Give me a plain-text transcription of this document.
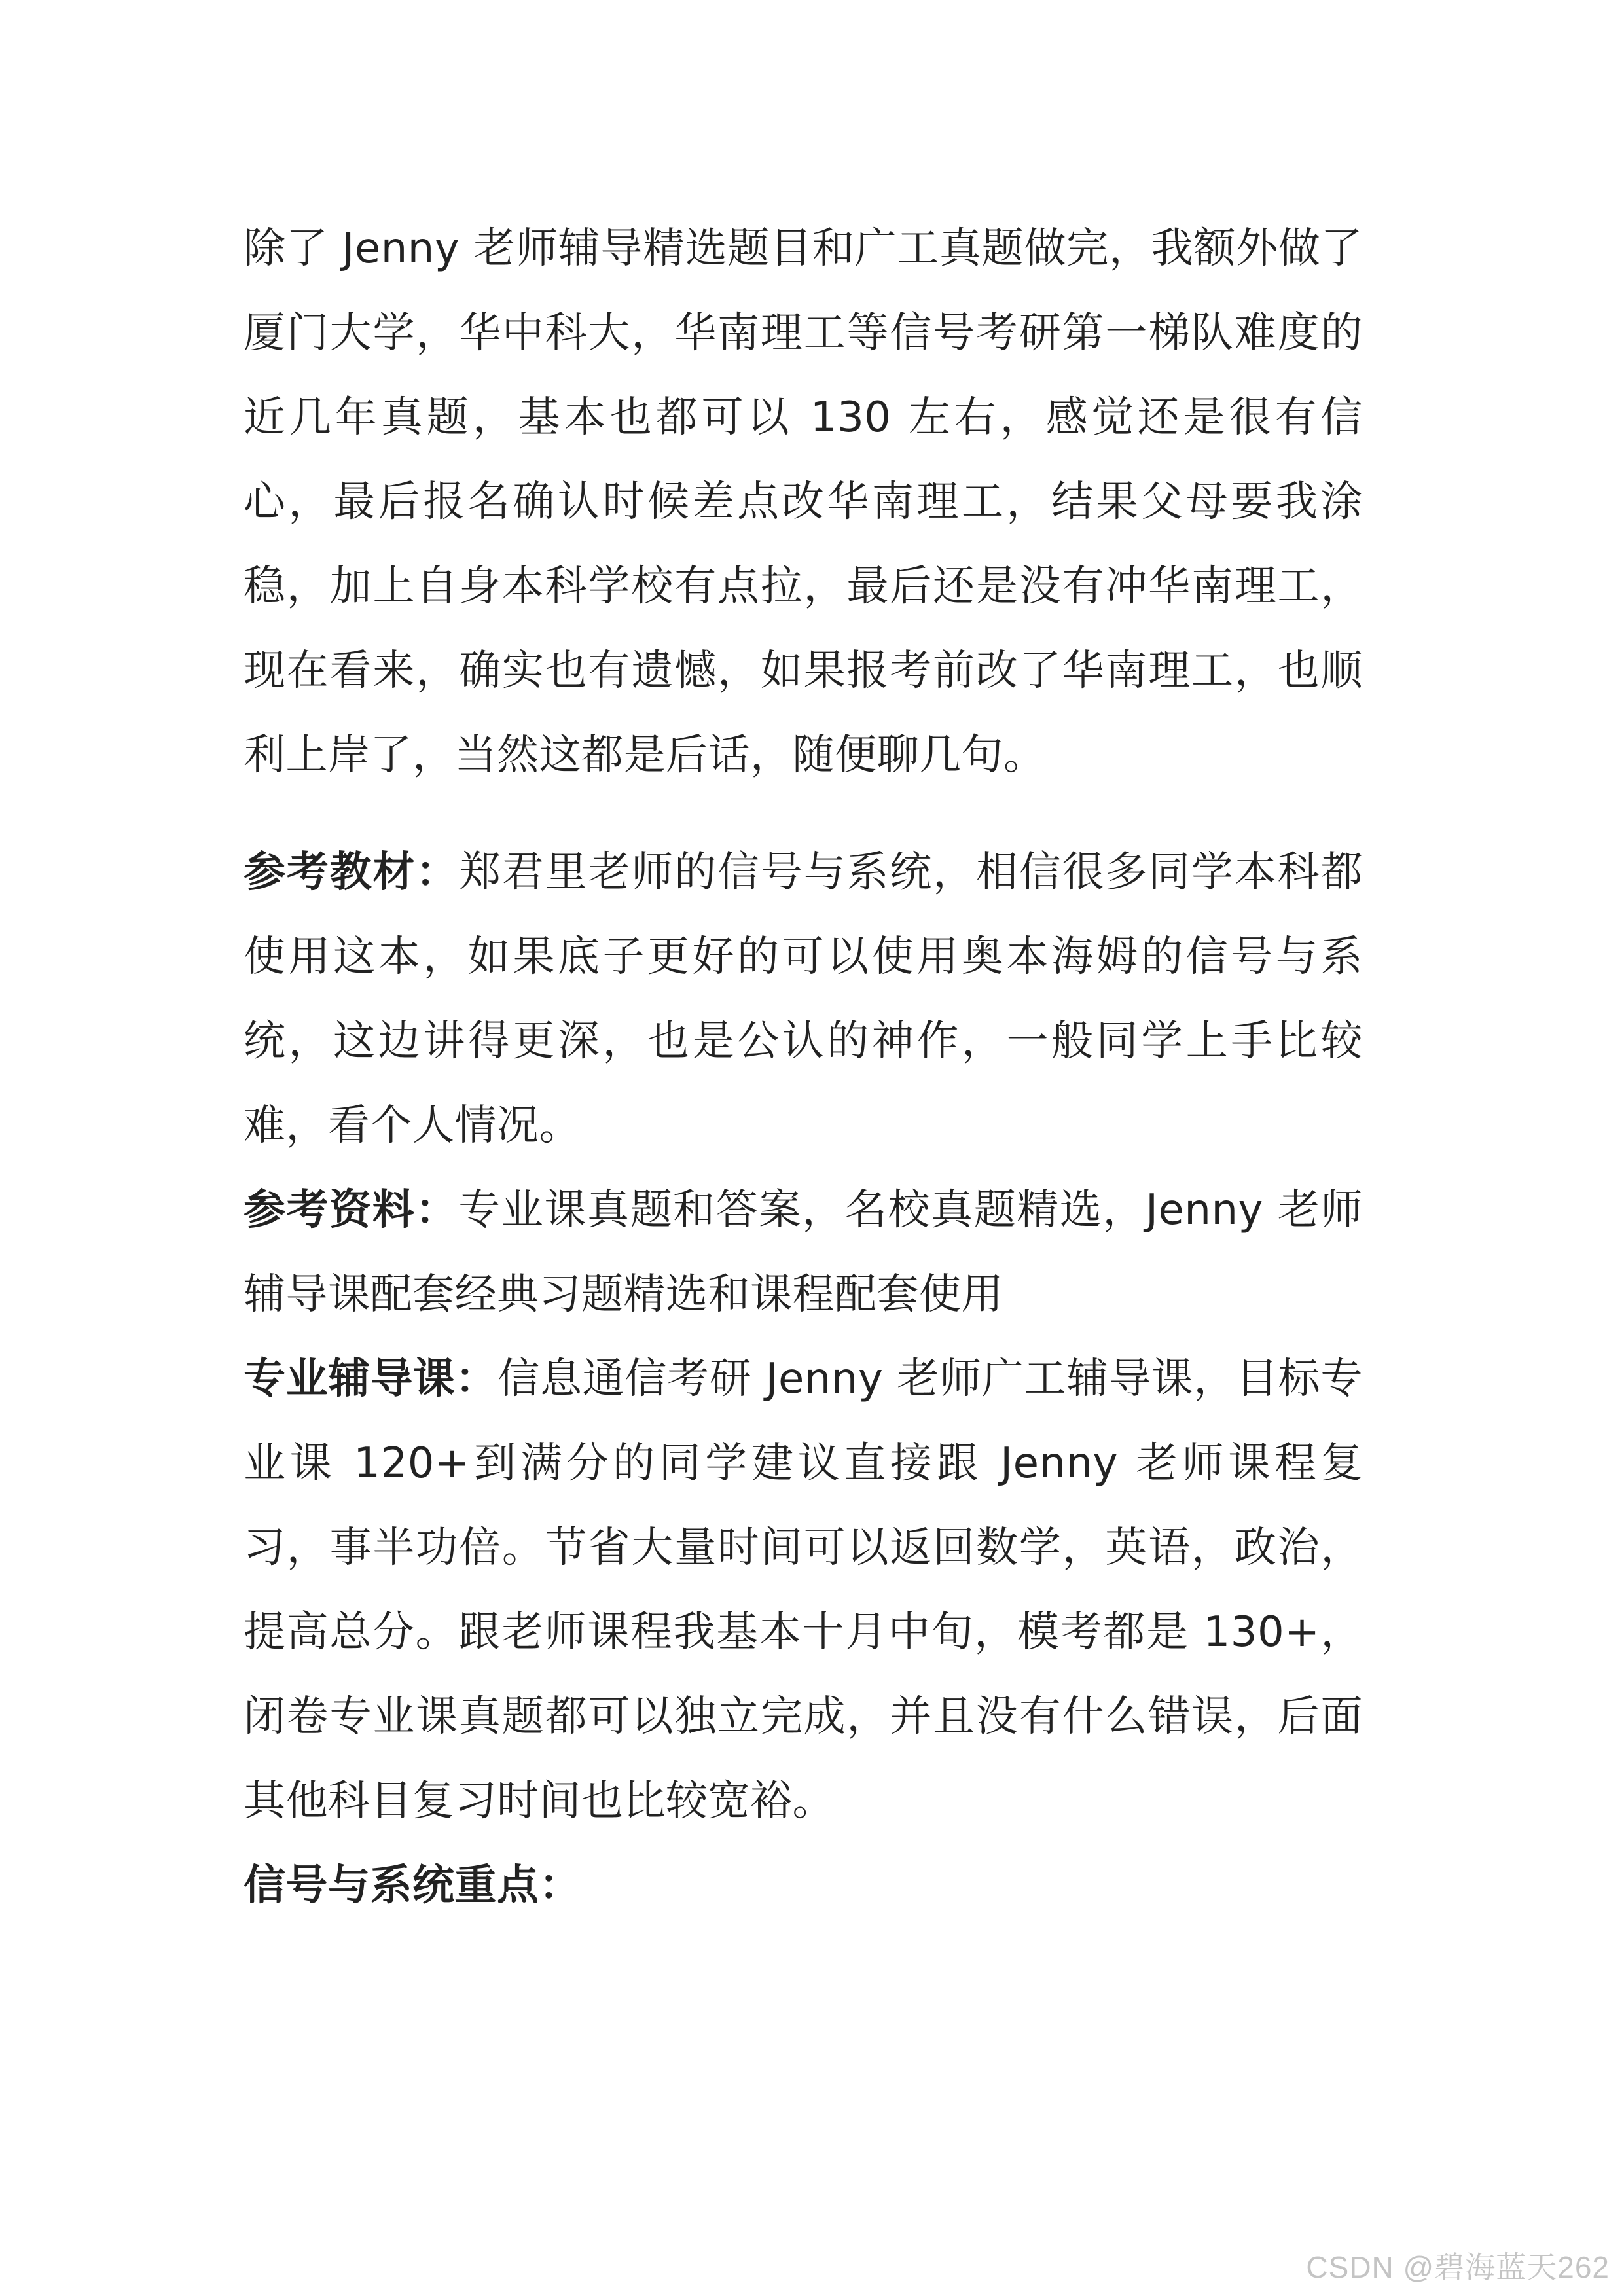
除了 Jenny 老师辅导精选题目和广工真题做完，我额外做了厦门大学，华中科大，华南理工等信号考研第一梯队难度的近几年真题，基本也都可以 130 左右，感觉还是很有信心，最后报名确认时候差点改华南理工，结果父母要我涂稳，加上自身本科学校有点拉，最后还是没有冲华南理工，现在看来，确实也有遗憾，如果报考前改了华南理工，也顺利上岸了，当然这都是后话，随便聊几句。

参考教材：郑君里老师的信号与系统，相信很多同学本科都使用这本，如果底子更好的可以使用奥本海姆的信号与系统，这边讲得更深，也是公认的神作，一般同学上手比较难，看个人情况。

参考资料：专业课真题和答案，名校真题精选，Jenny 老师辅导课配套经典习题精选和课程配套使用

专业辅导课：信息通信考研 Jenny 老师广工辅导课，目标专业课 120+到满分的同学建议直接跟 Jenny 老师课程复习，事半功倍。节省大量时间可以返回数学，英语，政治，提高总分。跟老师课程我基本十月中旬，模考都是 130+，闭卷专业课真题都可以独立完成，并且没有什么错误，后面其他科目复习时间也比较宽裕。

信号与系统重点：

CSDN @碧海蓝天262
